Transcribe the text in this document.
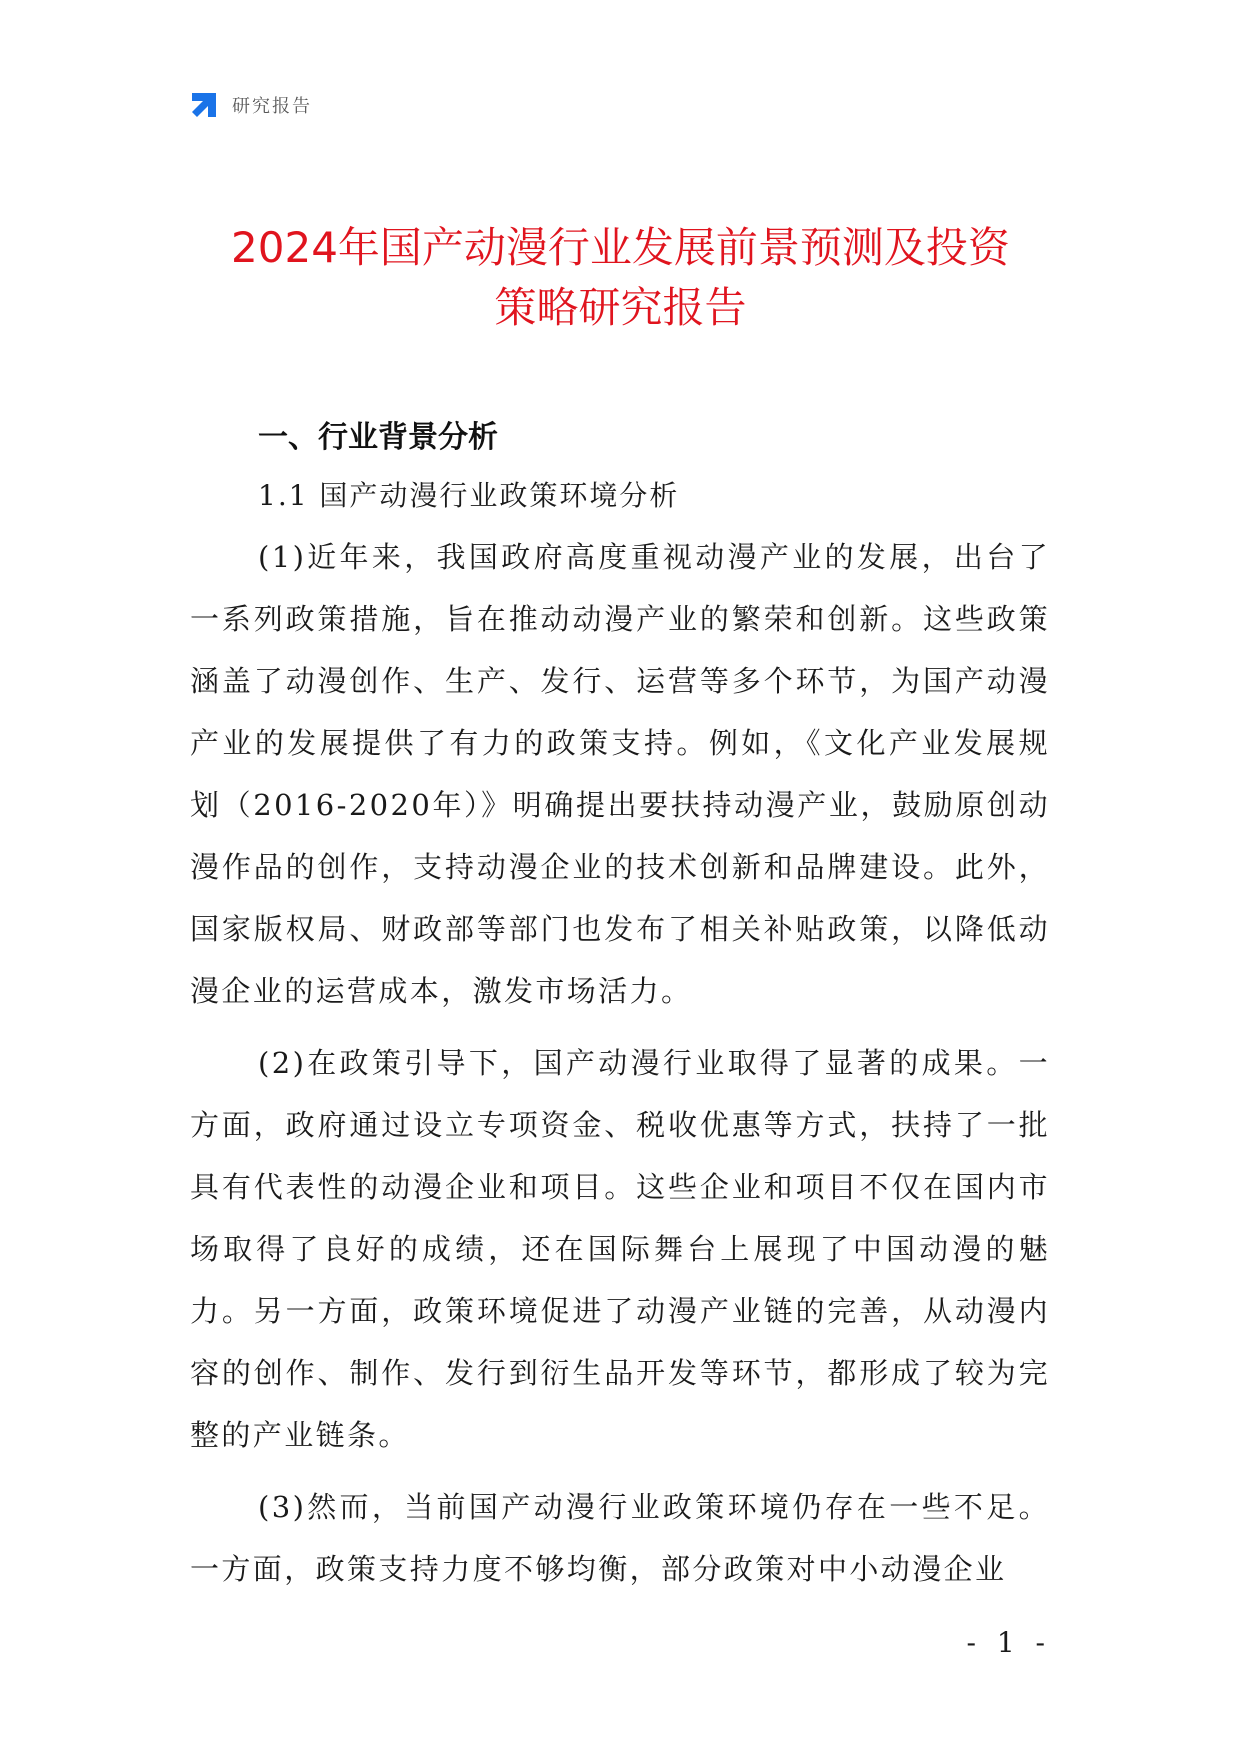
研究报告
2024年国产动漫行业发展前景预测及投资
策略研究报告
一、行业背景分析
1.1 国产动漫行业政策环境分析

(1)近年来，我国政府高度重视动漫产业的发展，出台了一系列政策措施，旨在推动动漫产业的繁荣和创新。这些政策涵盖了动漫创作、生产、发行、运营等多个环节，为国产动漫产业的发展提供了有力的政策支持。例如，《文化产业发展规划（2016-2020年）》明确提出要扶持动漫产业，鼓励原创动漫作品的创作，支持动漫企业的技术创新和品牌建设。此外，国家版权局、财政部等部门也发布了相关补贴政策，以降低动漫企业的运营成本，激发市场活力。

(2)在政策引导下，国产动漫行业取得了显著的成果。一方面，政府通过设立专项资金、税收优惠等方式，扶持了一批具有代表性的动漫企业和项目。这些企业和项目不仅在国内市场取得了良好的成绩，还在国际舞台上展现了中国动漫的魅力。另一方面，政策环境促进了动漫产业链的完善，从动漫内容的创作、制作、发行到衍生品开发等环节，都形成了较为完整的产业链条。

(3)然而，当前国产动漫行业政策环境仍存在一些不足。一方面，政策支持力度不够均衡，部分政策对中小动漫企业

- 1 -
